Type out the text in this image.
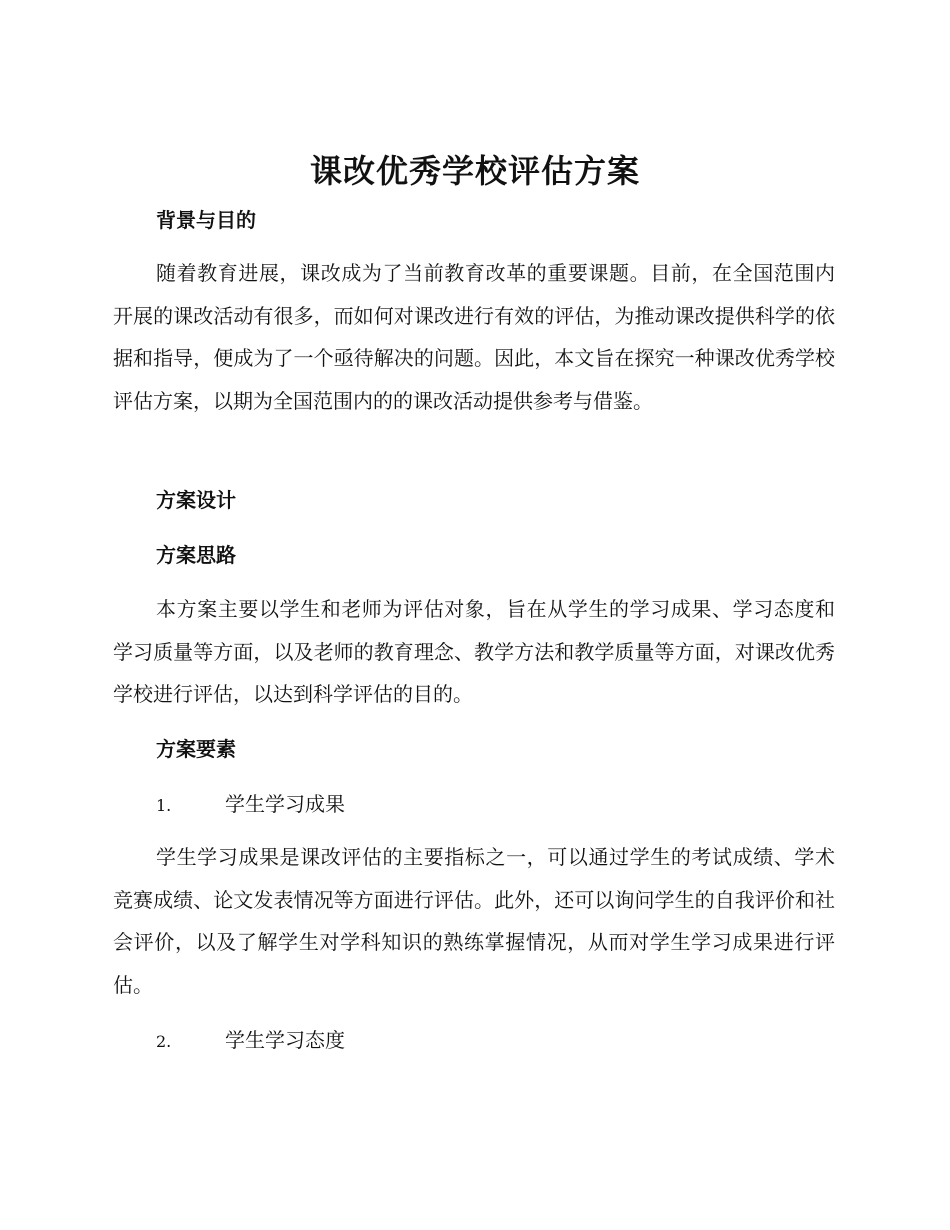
课改优秀学校评估方案

背景与目的

随着教育进展，课改成为了当前教育改革的重要课题。目前，在全国范围内开展的课改活动有很多，而如何对课改进行有效的评估，为推动课改提供科学的依据和指导，便成为了一个亟待解决的问题。因此，本文旨在探究一种课改优秀学校评估方案，以期为全国范围内的的课改活动提供参考与借鉴。

方案设计

方案思路

本方案主要以学生和老师为评估对象，旨在从学生的学习成果、学习态度和学习质量等方面，以及老师的教育理念、教学方法和教学质量等方面，对课改优秀学校进行评估，以达到科学评估的目的。

方案要素

1.	学生学习成果

学生学习成果是课改评估的主要指标之一，可以通过学生的考试成绩、学术竞赛成绩、论文发表情况等方面进行评估。此外，还可以询问学生的自我评价和社会评价，以及了解学生对学科知识的熟练掌握情况，从而对学生学习成果进行评估。

2.	学生学习态度
